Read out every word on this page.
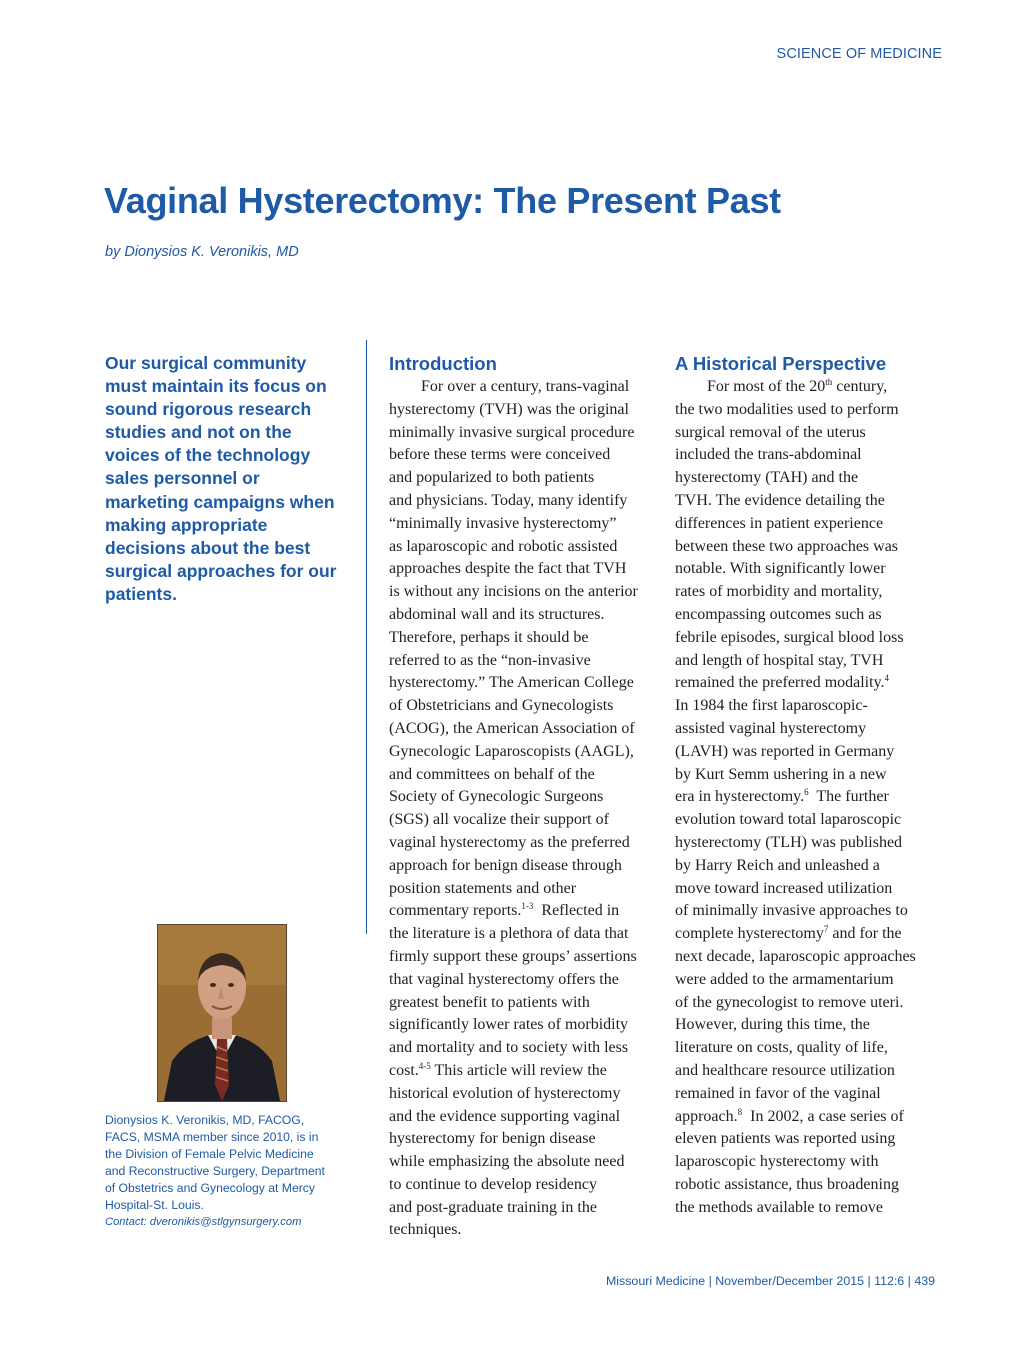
SCIENCE OF MEDICINE
Vaginal Hysterectomy: The Present Past
by Dionysios K. Veronikis, MD

Our surgical community must maintain its focus on sound rigorous research studies and not on the voices of the technology sales personnel or marketing campaigns when making appropriate decisions about the best surgical approaches for our patients.

Dionysios K. Veronikis, MD, FACOG, FACS, MSMA member since 2010, is in the Division of Female Pelvic Medicine and Reconstructive Surgery, Department of Obstetrics and Gynecology at Mercy Hospital-St. Louis.
Contact: dveronikis@stlgynsurgery.com

Introduction

For over a century, trans-vaginal
hysterectomy (TVH) was the original
minimally invasive surgical procedure
before these terms were conceived
and popularized to both patients
and physicians. Today, many identify
“minimally invasive hysterectomy”
as laparoscopic and robotic assisted
approaches despite the fact that TVH
is without any incisions on the anterior
abdominal wall and its structures.
Therefore, perhaps it should be
referred to as the “non-invasive
hysterectomy.” The American College
of Obstetricians and Gynecologists
(ACOG), the American Association of
Gynecologic Laparoscopists (AAGL),
and committees on behalf of the
Society of Gynecologic Surgeons
(SGS) all vocalize their support of
vaginal hysterectomy as the preferred
approach for benign disease through
position statements and other
commentary reports.$^{1-3}$ Reflected in
the literature is a plethora of data that
firmly support these groups’ assertions
that vaginal hysterectomy offers the
greatest benefit to patients with
significantly lower rates of morbidity
and mortality and to society with less
cost.$^{4-5}$ This article will review the
historical evolution of hysterectomy
and the evidence supporting vaginal
hysterectomy for benign disease
while emphasizing the absolute need
to continue to develop residency
and post-graduate training in the
techniques.

A Historical Perspective

For most of the 20th century,
the two modalities used to perform
surgical removal of the uterus
included the trans-abdominal
hysterectomy (TAH) and the
TVH. The evidence detailing the
differences in patient experience
between these two approaches was
notable. With significantly lower
rates of morbidity and mortality,
encompassing outcomes such as
febrile episodes, surgical blood loss
and length of hospital stay, TVH
remained the preferred modality.$^4$
In 1984 the first laparoscopic-
assisted vaginal hysterectomy
(LAVH) was reported in Germany
by Kurt Semm ushering in a new
era in hysterectomy.$^6$ The further
evolution toward total laparoscopic
hysterectomy (TLH) was published
by Harry Reich and unleashed a
move toward increased utilization
of minimally invasive approaches to
complete hysterectomy$^7$ and for the
next decade, laparoscopic approaches
were added to the armamentarium
of the gynecologist to remove uteri.
However, during this time, the
literature on costs, quality of life,
and healthcare resource utilization
remained in favor of the vaginal
approach.$^8$ In 2002, a case series of
eleven patients was reported using
laparoscopic hysterectomy with
robotic assistance, thus broadening
the methods available to remove

Missouri Medicine | November/December 2015 | 112:6 | 439
